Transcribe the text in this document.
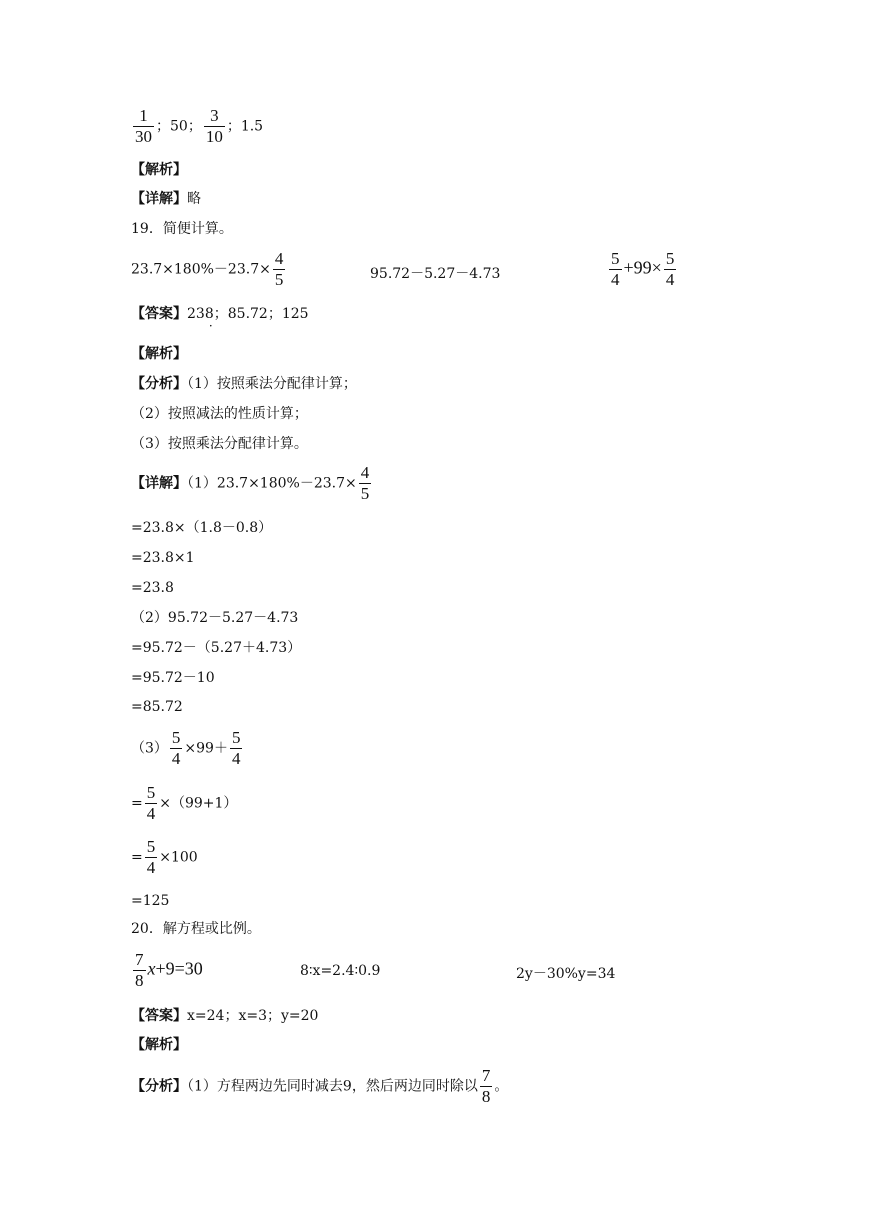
$\frac{1}{30}$ ；50； $\frac{3}{10}$ ；1.5
【解析】
【详解】略
19．简便计算。
$23.7\times 180\%-23.7\times \frac{4}{5}$	95.72－5.27－4.73	$\frac{5}{4} +99\times \frac{5}{4}$
【答案】238
·
；85.72；125
【解析】
【分析】（1）按照乘法分配律计算；
（2）按照减法的性质计算；
（3）按照乘法分配律计算。
【详解】$(1)23.7\times 180\%-23.7\times \frac{4}{5}$
=23.8×（1.8－0.8）
=23.8×1
=23.8
（2）95.72－5.27－4.73
=95.72－（5.27＋4.73）
=95.72－10
=85.72
$(3) \frac{5}{4} \times 99+ \frac{5}{4}$
= $\frac{5}{4} \times(99+1)$
= $\frac{5}{4} \times 100$
=125
20．解方程或比例。
$\frac{7}{8} x+9=30$	8∶x=2.4∶0.9	2y－30%y=34
【答案】x=24；x=3；y=20
【解析】
【分析】（1）方程两边先同时减去9，然后两边同时除以 $\frac{7}{8}$ 。
